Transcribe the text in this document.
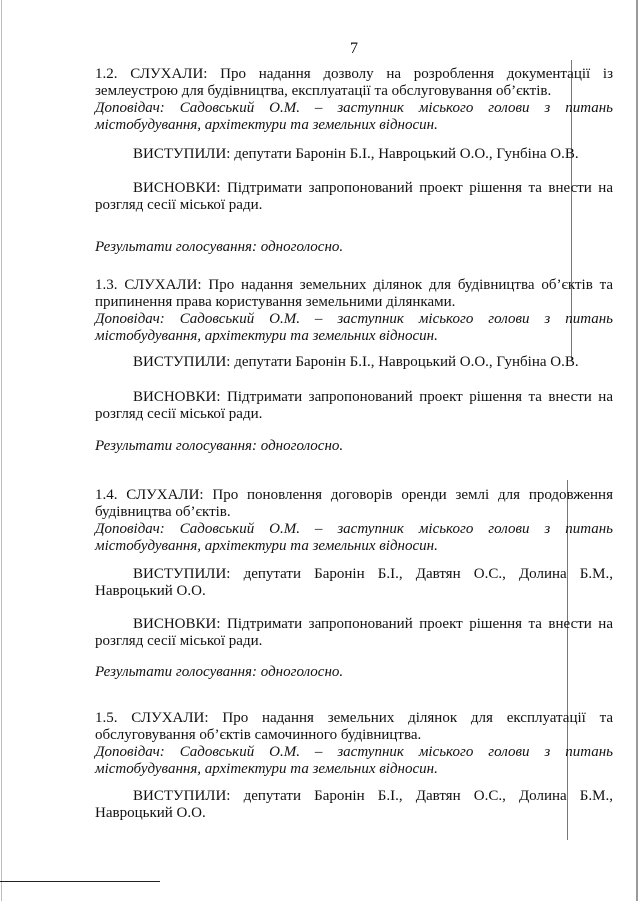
7
1.2. СЛУХАЛИ: Про надання дозволу на розроблення документації із
землеустрою для будівництва, експлуатації та обслуговування об’єктів.
Доповідач: Садовський О.М. – заступник міського голови з питань
містобудування, архітектури та земельних відносин.
ВИСТУПИЛИ: депутати Баронін Б.І., Навроцький О.О., Гунбіна О.В.
ВИСНОВКИ: Підтримати запропонований проект рішення та внести на
розгляд сесії міської ради.
Результати голосування: одноголосно.
1.3. СЛУХАЛИ: Про надання земельних ділянок для будівництва об’єктів та
припинення права користування земельними ділянками.
Доповідач: Садовський О.М. – заступник міського голови з питань
містобудування, архітектури та земельних відносин.
ВИСТУПИЛИ: депутати Баронін Б.І., Навроцький О.О., Гунбіна О.В.
ВИСНОВКИ: Підтримати запропонований проект рішення та внести на
розгляд сесії міської ради.
Результати голосування: одноголосно.
1.4. СЛУХАЛИ: Про поновлення договорів оренди землі для продовження
будівництва об’єктів.
Доповідач: Садовський О.М. – заступник міського голови з питань
містобудування, архітектури та земельних відносин.
ВИСТУПИЛИ: депутати Баронін Б.І., Давтян О.С., Долина Б.М.,
Навроцький О.О.
ВИСНОВКИ: Підтримати запропонований проект рішення та внести на
розгляд сесії міської ради.
Результати голосування: одноголосно.
1.5. СЛУХАЛИ: Про надання земельних ділянок для експлуатації та
обслуговування об’єктів самочинного будівництва.
Доповідач: Садовський О.М. – заступник міського голови з питань
містобудування, архітектури та земельних відносин.
ВИСТУПИЛИ: депутати Баронін Б.І., Давтян О.С., Долина Б.М.,
Навроцький О.О.
